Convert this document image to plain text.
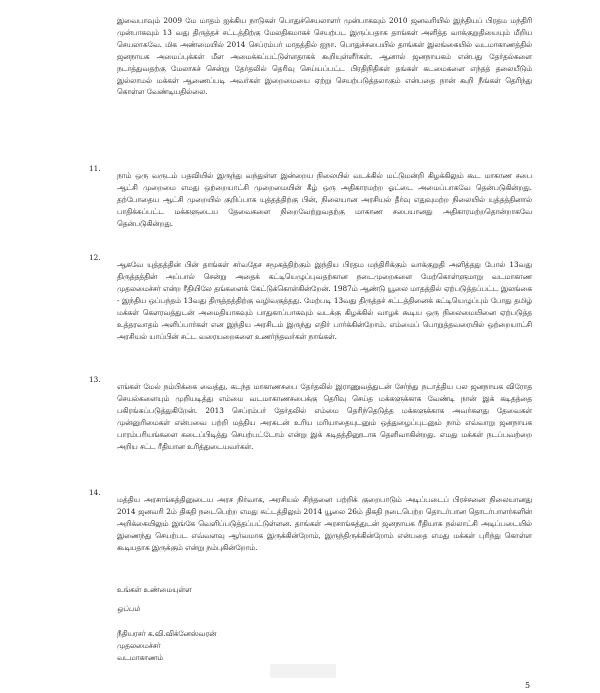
இவைபாவும் 2009 மே மாதம் ஐக்கிய நாடுகள் பொதுச்செயலாளர் முன்பாகவும் 2010 ஜனவரியில் இந்தியப் பிரதம மந்திரி முன்பாகவும் 13 வது திருத்தச் சட்டத்திற்கு மேலதிகமாகச் செயற்பட இருப்பதாக தாங்கள் அளித்த வாக்குறுதியையும் மீறிய செயலாகவே. மிக அண்மையில் 2014 செப்ரம்பர் மாதத்தில் ஐநா. பொதுச்சபையில் தாங்கள் இலங்கையில் வடமாகாணத்தில் ஜனநாயக அமைப்புக்கள் மீள அமைக்கப்பட்டுள்ளதாகக் கூறியுள்ளீர்கள். ஆனால் ஜனநாயகம் என்பது தேர்தல்களை நடாத்துவதற்கு மேலாகச் சென்று தேர்தலில் தெரிவு செய்யப்பட்ட பிரதிநிதிகள் தங்கள் கடமைகளை எந்தத் தலையீடும் இல்லாமல் மக்கள் ஆணைப்படி அவர்கள் இறைமையை ஏற்று செயற்படுத்தலாகும் என்பதை நான் கூறி நீங்கள் தெரிந்து கொள்ள வேண்டியதில்லை.

11.

நாம் ஒரு வருடம் பதவியில் இருந்து வந்துள்ள இன்றைய நிலையில் வடக்கில் மட்டுமன்றி கிழக்கிலும் கூட மாகாண சபை ஆட்சி முறைமை எமது ஒற்றையாட்சி முறைமையின் கீழ் ஒரு அதிகாரமற்ற ஓட்டை அமைப்பாகவே தென்படுகின்றது. தற்போதைய ஆட்சி முறையில் குறிப்பாக யுத்தத்திற்கு பின், நிலையான அரசியல் தீர்வு எதுவுமற்ற நிலையில் யுத்தத்தினால் பாதிக்கப்பட்ட மக்களுடைய தேவைகளை நிறைவேற்றுவதற்கு மாகாண சபையானது அதிகாரமற்றதொன்றாகவே தென்படுகின்றது.

12.

ஆகவே யுத்தத்தின் பின் தாங்கள் சர்வதேச சமூகத்திற்கும் இந்திய பிரதம மந்திரிக்கும் வாக்குறுதி அளித்தது போல் 13வது திருத்தத்தின் அப்பால் சென்று அதைக் கட்டியெழுப்புவதற்கான நடைமுறைகளை மேற்கொள்ளுமாறு வடமாகாண முதலமைச்சர் என்ற ரீதியிலே தங்களைக் கேட்டுக்கொள்கின்றேன். 1987ம் ஆண்டு யூலை மாதத்தில் ஏற்படுத்தப்பட்ட இலங்கை - இந்திய ஒப்பந்தம் 13வது திருத்தத்திற்கு வழிவகுத்தது. மேற்படி 13வது திருத்தச் சட்டத்தினைக் கட்டியெழுப்பும் போது தமிழ் மக்கள் கௌரவத்துடன் அமைதியாகவும் பாதுகாப்பாகவும் வடக்கு கிழக்கில் வாழக் கூடிய ஒரு நிலைமையினை ஏற்படுத்த உத்தரவாதம் அளிப்பார்கள் என இந்திய அரசிடம் இருந்து எதிர் பார்க்கின்றோம். எம்மைப் பொறுத்தவரையில் ஒற்றையாட்சி அரசியல் யாப்பின் சட்ட வரையறைகளை உணர்ந்தவர்கள் நாங்கள்.

13.

எங்கள் மேல் நம்பிக்கை வைத்து, கடந்த மாகாணசபை தேர்தலில் இராணுவத்துடன் சேர்ந்து நடாத்திய பல ஜனநாயக விரோத செயல்களையும் முறியடித்து எம்மை வடமாகாணசபைக்கு தெரிவு செய்த மக்களுக்காக வேண்டி நான் இக் கடிதத்தை பகிரங்கப்படுத்துகிறேன். 2013 செப்ரம்பர் தேர்தலில் எம்மை தெரிந்தெடுத்த மக்களுக்காக அவர்களது தேவைகள் முன்னுரிமைகள் என்பவை பற்றி மத்திய அரசுடன் உரிய மரியாதையுடனும் ஒத்துழைப்புடனும் நாம் எவ்வாறு ஜனநாயக பாரம்பரியங்களை கடைப்பிடித்து செயற்பட்டோம் என்று இக் கடிதத்தினூடாக தெளிவாகின்றது. எமது மக்கள் நடப்பவற்றை அறிய சட்ட ரீதியான உரித்துடையவர்கள்.

14.

மத்திய அரசாங்கத்தினுடைய அரச நிர்வாக, அரசியல் சிந்தனை பற்றிக் குறைபாடும் அடிப்படைப் பிரச்சனை நிலையானது 2014 ஜனவரி 2ம் திகதி நடைபெற்ற எமது சுட்டத்திலும் 2014 யூலை 26ம் திகதி நடைபெற்ற தொடர்பான தொடர்பாளர்களின் அறிக்கையிலும் இங்கே வெளிப்படுத்தப்பட்டுள்ளன. தாங்கள் அரசாங்கத்துடன் ஜனநாயக ரீதியாக நல்லாட்சி அடிப்படையில் இணைந்து செயற்பட எவ்வளவு ஆர்வமாக இருக்கின்றோம், இருந்திருக்கின்றோம் என்பதை எமது மக்கள் புரிந்து கொள்ள கூடியதாக இருக்கும் என்று நம்புகின்றோம்.

உங்கள் உண்மையுள்ள
ஒப்பம்
நீதியரசர் க.வி.விக்னேஸ்வரன்
முதலமைச்சர்
வடமாகாணம்
5 of 5
5
